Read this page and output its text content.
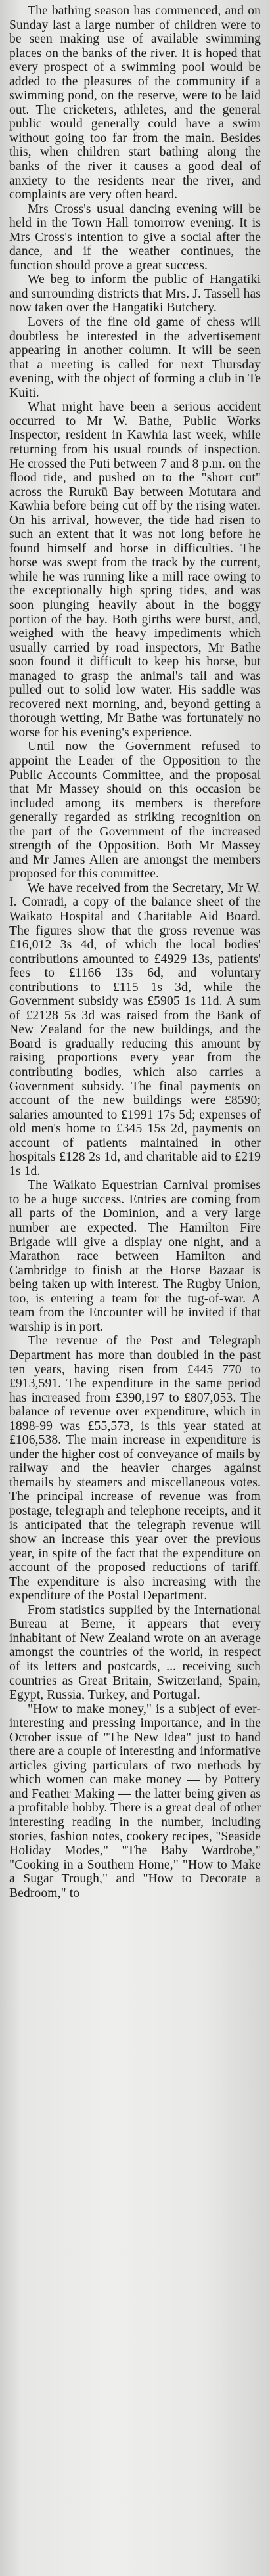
The bathing season has commenced, and on Sunday last a large number of children were to be seen making use of available swimming places on the banks of the river. It is hoped that every prospect of a swimming pool would be added to the pleasures of the community if a swimming pond, on the reserve, were to be laid out. The cricketers, athletes, and the general public would generally could have a swim without going too far from the main. Besides this, when children start bathing along the banks of the river it causes a good deal of anxiety to the residents near the river, and complaints are very often heard.

Mrs Cross's usual dancing evening will be held in the Town Hall tomorrow evening. It is Mrs Cross's intention to give a social after the dance, and if the weather continues, the function should prove a great success.

We beg to inform the public of Hangatiki and surrounding districts that Mrs. J. Tassell has now taken over the Hangatiki Butchery.

Lovers of the fine old game of chess will doubtless be interested in the advertisement appearing in another column. It will be seen that a meeting is called for next Thursday evening, with the object of forming a club in Te Kuiti.

What might have been a serious accident occurred to Mr W. Bathe, Public Works Inspector, resident in Kawhia last week, while returning from his usual rounds of inspection. He crossed the Puti between 7 and 8 p.m. on the flood tide, and pushed on to the "short cut" across the Rurukū Bay between Motutara and Kawhia before being cut off by the rising water. On his arrival, however, the tide had risen to such an extent that it was not long before he found himself and horse in difficulties. The horse was swept from the track by the current, while he was running like a mill race owing to the exceptionally high spring tides, and was soon plunging heavily about in the boggy portion of the bay. Both girths were burst, and, weighed with the heavy impediments which usually carried by road inspectors, Mr Bathe soon found it difficult to keep his horse, but managed to grasp the animal's tail and was pulled out to solid low water. His saddle was recovered next morning, and, beyond getting a thorough wetting, Mr Bathe was fortunately no worse for his evening's experience.

Until now the Government refused to appoint the Leader of the Opposition to the Public Accounts Committee, and the proposal that Mr Massey should on this occasion be included among its members is therefore generally regarded as striking recognition on the part of the Government of the increased strength of the Opposition. Both Mr Massey and Mr James Allen are amongst the members proposed for this committee.

We have received from the Secretary, Mr W. I. Conradi, a copy of the balance sheet of the Waikato Hospital and Charitable Aid Board. The figures show that the gross revenue was £16,012 3s 4d, of which the local bodies' contributions amounted to £4929 13s, patients' fees to £1166 13s 6d, and voluntary contributions to £115 1s 3d, while the Government subsidy was £5905 1s 11d. A sum of £2128 5s 3d was raised from the Bank of New Zealand for the new buildings, and the Board is gradually reducing this amount by raising proportions every year from the contributing bodies, which also carries a Government subsidy. The final payments on account of the new buildings were £8590; salaries amounted to £1991 17s 5d; expenses of old men's home to £345 15s 2d, payments on account of patients maintained in other hospitals £128 2s 1d, and charitable aid to £219 1s 1d.

The Waikato Equestrian Carnival promises to be a huge success. Entries are coming from all parts of the Dominion, and a very large number are expected. The Hamilton Fire Brigade will give a display one night, and a Marathon race between Hamilton and Cambridge to finish at the Horse Bazaar is being taken up with interest. The Rugby Union, too, is entering a team for the tug-of-war. A team from the Encounter will be invited if that warship is in port.

The revenue of the Post and Telegraph Department has more than doubled in the past ten years, having risen from £445 770 to £913,591. The expenditure in the same period has increased from £390,197 to £807,053. The balance of revenue over expenditure, which in 1898-99 was £55,573, is this year stated at £106,538. The main increase in expenditure is under the higher cost of conveyance of mails by railway and the heavier charges against themails by steamers and miscellaneous votes. The principal increase of revenue was from postage, telegraph and telephone receipts, and it is anticipated that the telegraph revenue will show an increase this year over the previous year, in spite of the fact that the expenditure on account of the proposed reductions of tariff. The expenditure is also increasing with the expenditure of the Postal Department.

From statistics supplied by the International Bureau at Berne, it appears that every inhabitant of New Zealand wrote on an average amongst the countries of the world, in respect of its letters and postcards, ... receiving such countries as Great Britain, Switzerland, Spain, Egypt, Russia, Turkey, and Portugal.

"How to make money," is a subject of ever-interesting and pressing importance, and in the October issue of "The New Idea" just to hand there are a couple of interesting and informative articles giving particulars of two methods by which women can make money — by Pottery and Feather Making — the latter being given as a profitable hobby. There is a great deal of other interesting reading in the number, including stories, fashion notes, cookery recipes, "Seaside Holiday Modes," "The Baby Wardrobe," "Cooking in a Southern Home," "How to Make a Sugar Trough," and "How to Decorate a Bedroom," to
